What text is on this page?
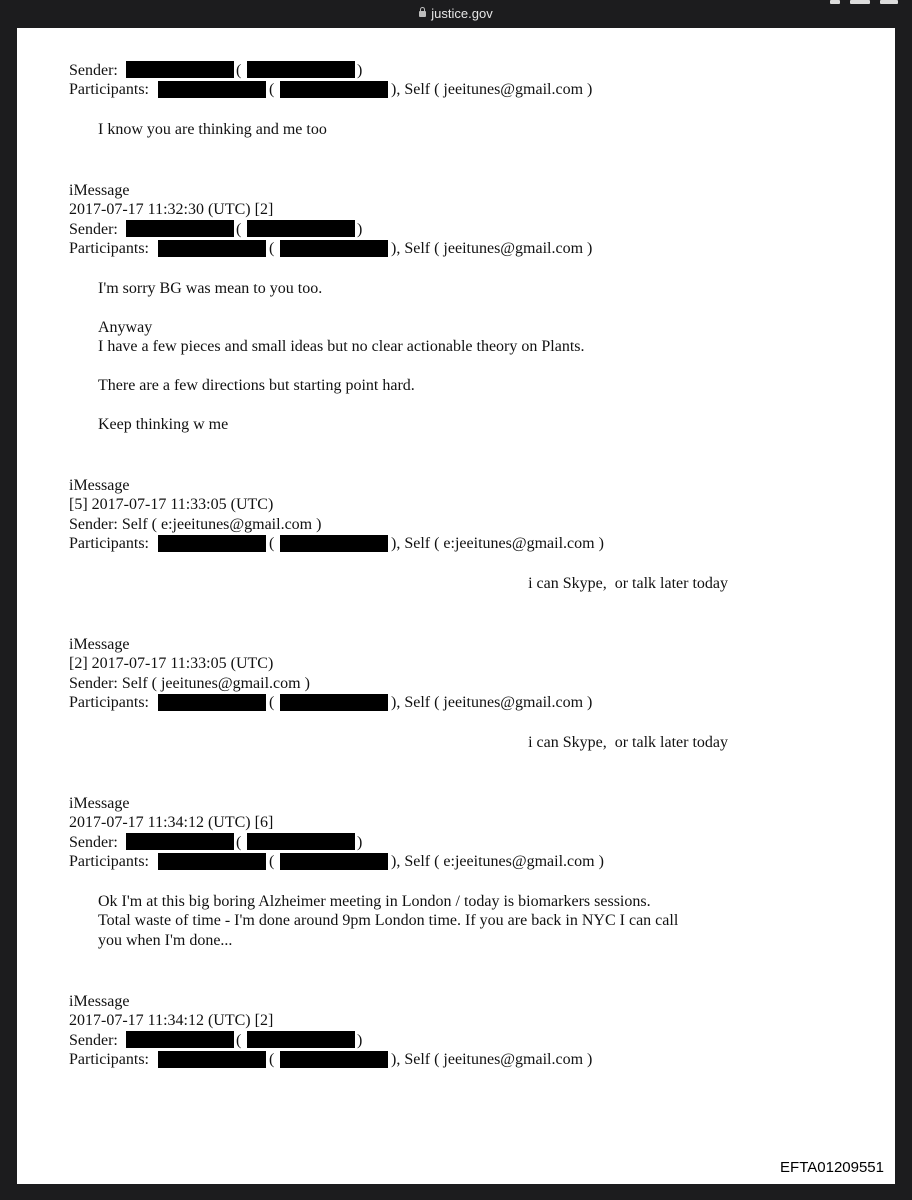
justice.gov
Sender:	(	)
Participants:	(	), Self ( jeeitunes@gmail.com )
I know you are thinking and me too
iMessage
2017-07-17 11:32:30 (UTC) [2]
Sender:	(	)
Participants:	(	), Self ( jeeitunes@gmail.com )
I'm sorry BG was mean to you too.
Anyway
I have a few pieces and small ideas but no clear actionable theory on Plants.
There are a few directions but starting point hard.
Keep thinking w me
iMessage
[5] 2017-07-17 11:33:05 (UTC)
Sender: Self ( e:jeeitunes@gmail.com )
Participants:	(	), Self ( e:jeeitunes@gmail.com )
i can Skype,  or talk later today
iMessage
[2] 2017-07-17 11:33:05 (UTC)
Sender: Self ( jeeitunes@gmail.com )
Participants:	(	), Self ( jeeitunes@gmail.com )
i can Skype,  or talk later today
iMessage
2017-07-17 11:34:12 (UTC) [6]
Sender:	(	)
Participants:	(	), Self ( e:jeeitunes@gmail.com )
Ok I'm at this big boring Alzheimer meeting in London / today is biomarkers sessions.
Total waste of time - I'm done around 9pm London time. If you are back in NYC I can call
you when I'm done...
iMessage
2017-07-17 11:34:12 (UTC) [2]
Sender:	(	)
Participants:	(	), Self ( jeeitunes@gmail.com )
EFTA01209551
